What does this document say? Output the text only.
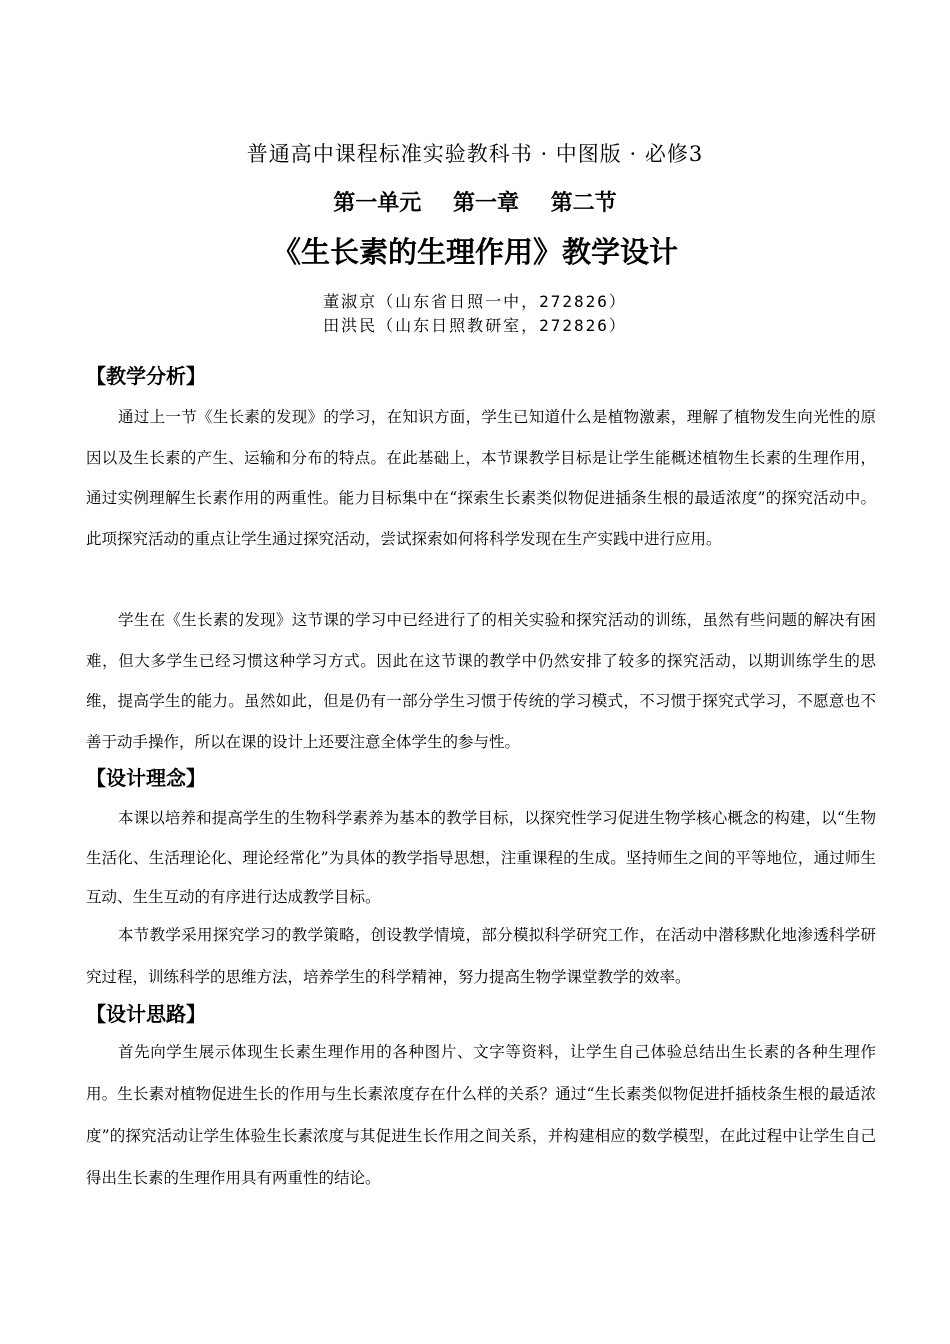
普通高中课程标准实验教科书 · 中图版 · 必修3
第一单元 第一章 第二节
《生长素的生理作用》教学设计
董淑京（山东省日照一中，272826）
田洪民（山东日照教研室，272826）
【教学分析】
通过上一节《生长素的发现》的学习，在知识方面，学生已知道什么是植物激素，理解了植物发生向光性的原因以及生长素的产生、运输和分布的特点。在此基础上，本节课教学目标是让学生能概述植物生长素的生理作用，通过实例理解生长素作用的两重性。能力目标集中在“探索生长素类似物促进插条生根的最适浓度”的探究活动中。此项探究活动的重点让学生通过探究活动，尝试探索如何将科学发现在生产实践中进行应用。
学生在《生长素的发现》这节课的学习中已经进行了的相关实验和探究活动的训练，虽然有些问题的解决有困难，但大多学生已经习惯这种学习方式。因此在这节课的教学中仍然安排了较多的探究活动，以期训练学生的思维，提高学生的能力。虽然如此，但是仍有一部分学生习惯于传统的学习模式，不习惯于探究式学习，不愿意也不善于动手操作，所以在课的设计上还要注意全体学生的参与性。
【设计理念】
本课以培养和提高学生的生物科学素养为基本的教学目标，以探究性学习促进生物学核心概念的构建，以“生物生活化、生活理论化、理论经常化”为具体的教学指导思想，注重课程的生成。坚持师生之间的平等地位，通过师生互动、生生互动的有序进行达成教学目标。
本节教学采用探究学习的教学策略，创设教学情境，部分模拟科学研究工作，在活动中潜移默化地渗透科学研究过程，训练科学的思维方法，培养学生的科学精神，努力提高生物学课堂教学的效率。
【设计思路】
首先向学生展示体现生长素生理作用的各种图片、文字等资料，让学生自己体验总结出生长素的各种生理作用。生长素对植物促进生长的作用与生长素浓度存在什么样的关系？通过“生长素类似物促进扦插枝条生根的最适浓度”的探究活动让学生体验生长素浓度与其促进生长作用之间关系，并构建相应的数学模型，在此过程中让学生自己得出生长素的生理作用具有两重性的结论。
